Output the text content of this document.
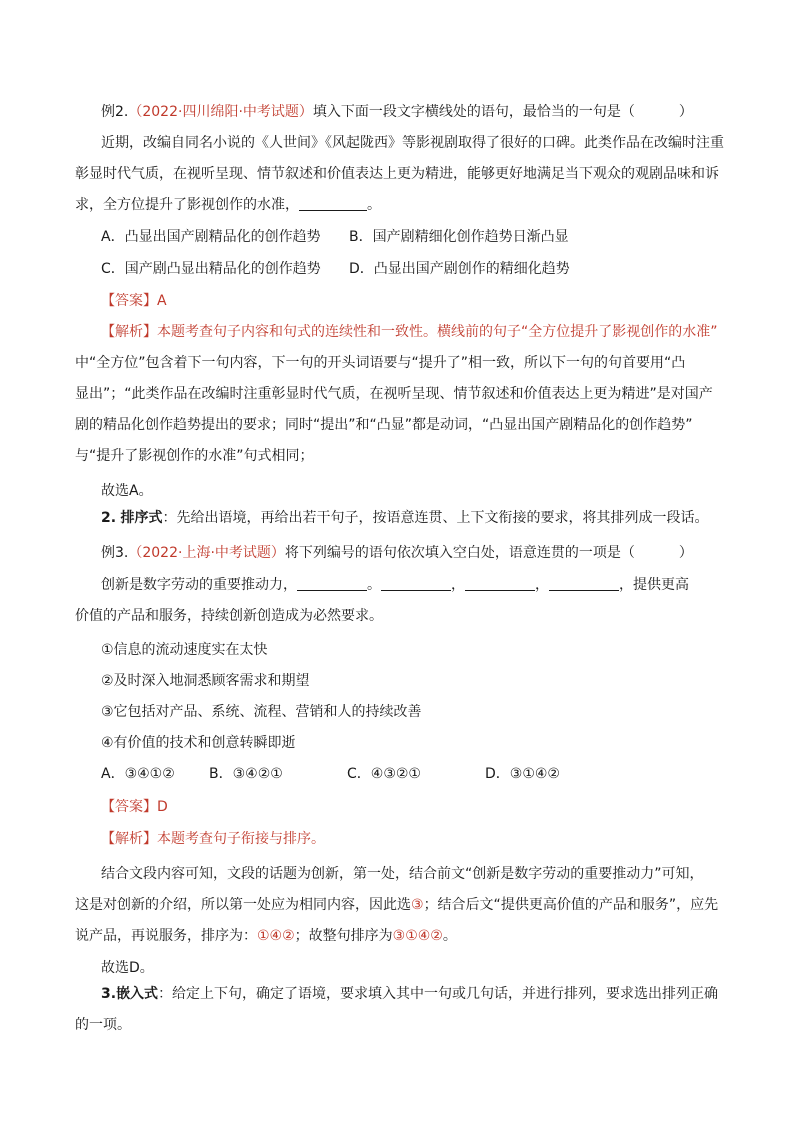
例2.（2022·四川绵阳·中考试题）填入下面一段文字横线处的语句，最恰当的一句是（	）
近期，改编自同名小说的《人世间》《风起陇西》等影视剧取得了很好的口碑。此类作品在改编时注重
彰显时代气质，在视听呈现、情节叙述和价值表达上更为精进，能够更好地满足当下观众的观剧品味和诉
求，全方位提升了影视创作的水准，	。
A．凸显出国产剧精品化的创作趋势 B．国产剧精细化创作趋势日渐凸显
C．国产剧凸显出精品化的创作趋势 D．凸显出国产剧创作的精细化趋势
【答案】A
【解析】本题考查句子内容和句式的连续性和一致性。横线前的句子“全方位提升了影视创作的水准”
中“全方位”包含着下一句内容，下一句的开头词语要与“提升了”相一致，所以下一句的句首要用“凸
显出”；“此类作品在改编时注重彰显时代气质，在视听呈现、情节叙述和价值表达上更为精进”是对国产
剧的精品化创作趋势提出的要求；同时“提出”和“凸显”都是动词，“凸显出国产剧精品化的创作趋势”
与“提升了影视创作的水准”句式相同；
故选A。
2. 排序式：先给出语境，再给出若干句子，按语意连贯、上下文衔接的要求，将其排列成一段话。
例3.（2022·上海·中考试题）将下列编号的语句依次填入空白处，语意连贯的一项是（	）
创新是数字劳动的重要推动力，	。	，	，	，提供更高
价值的产品和服务，持续创新创造成为必然要求。
①信息的流动速度实在太快
②及时深入地洞悉顾客需求和期望
③它包括对产品、系统、流程、营销和人的持续改善
④有价值的技术和创意转瞬即逝
A．③④①② B．③④②①	C．④③②①	D．③①④②
【答案】D
【解析】本题考查句子衔接与排序。
结合文段内容可知，文段的话题为创新，第一处，结合前文“创新是数字劳动的重要推动力”可知，
这是对创新的介绍，所以第一处应为相同内容，因此选③；结合后文“提供更高价值的产品和服务”，应先
说产品，再说服务，排序为：①④②；故整句排序为③①④②。
故选D。
3.嵌入式：给定上下句，确定了语境，要求填入其中一句或几句话，并进行排列，要求选出排列正确
的一项。
